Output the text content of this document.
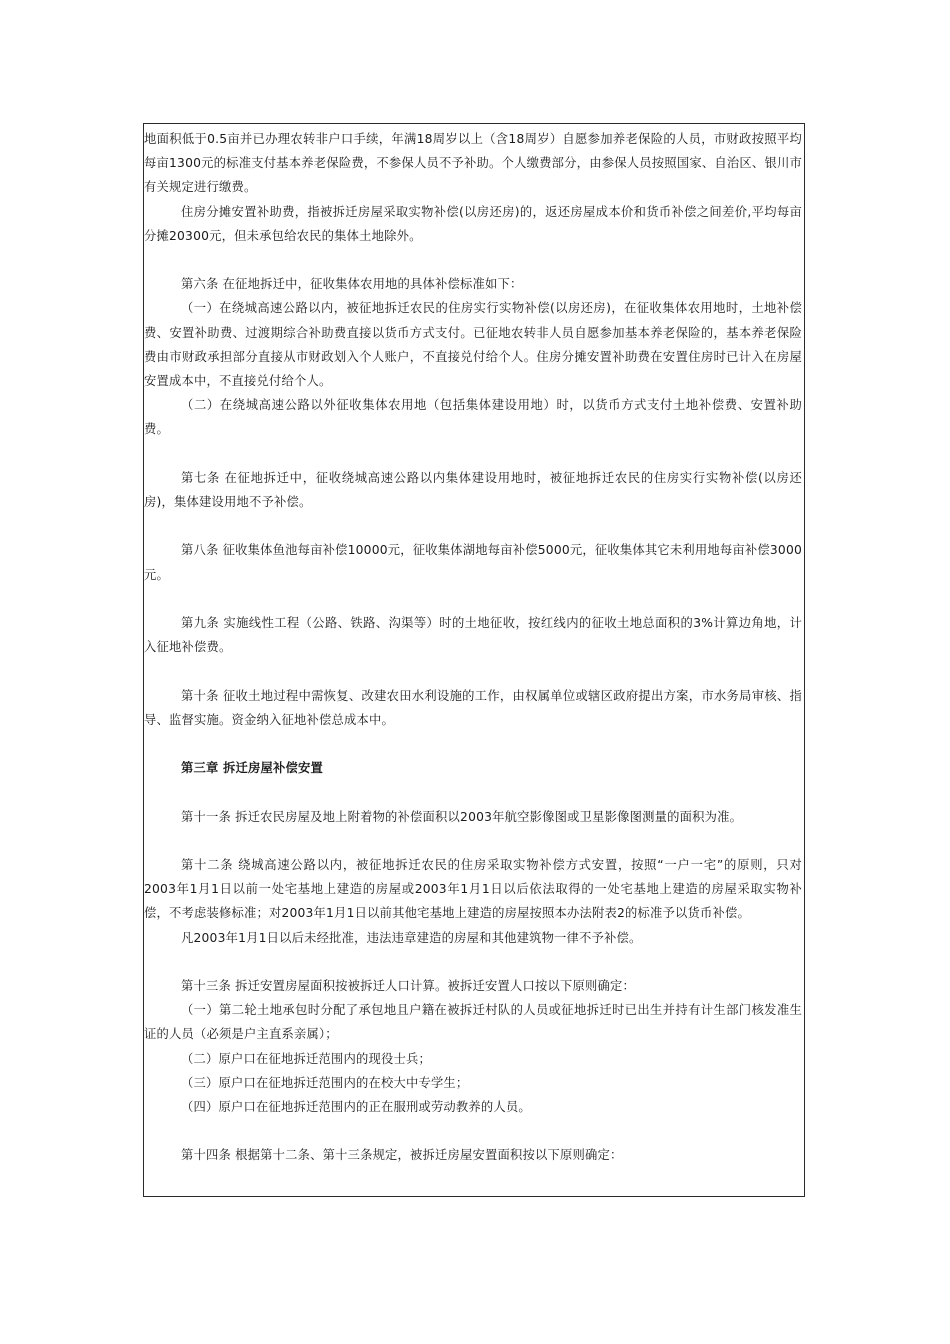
地面积低于0.5亩并已办理农转非户口手续，年满18周岁以上（含18周岁）自愿参加养老保险的人员，市财政按照平均每亩1300元的标准支付基本养老保险费，不参保人员不予补助。个人缴费部分，由参保人员按照国家、自治区、银川市有关规定进行缴费。

住房分摊安置补助费，指被拆迁房屋采取实物补偿(以房还房)的，返还房屋成本价和货币补偿之间差价,平均每亩分摊20300元，但未承包给农民的集体土地除外。

第六条 在征地拆迁中，征收集体农用地的具体补偿标准如下：

（一）在绕城高速公路以内，被征地拆迁农民的住房实行实物补偿(以房还房)，在征收集体农用地时，土地补偿费、安置补助费、过渡期综合补助费直接以货币方式支付。已征地农转非人员自愿参加基本养老保险的，基本养老保险费由市财政承担部分直接从市财政划入个人账户，不直接兑付给个人。住房分摊安置补助费在安置住房时已计入在房屋安置成本中，不直接兑付给个人。

（二）在绕城高速公路以外征收集体农用地（包括集体建设用地）时，以货币方式支付土地补偿费、安置补助费。

第七条 在征地拆迁中，征收绕城高速公路以内集体建设用地时，被征地拆迁农民的住房实行实物补偿(以房还房)，集体建设用地不予补偿。

第八条 征收集体鱼池每亩补偿10000元，征收集体湖地每亩补偿5000元，征收集体其它未利用地每亩补偿3000元。

第九条 实施线性工程（公路、铁路、沟渠等）时的土地征收，按红线内的征收土地总面积的3%计算边角地，计入征地补偿费。

第十条 征收土地过程中需恢复、改建农田水利设施的工作，由权属单位或辖区政府提出方案，市水务局审核、指导、监督实施。资金纳入征地补偿总成本中。

第三章 拆迁房屋补偿安置

第十一条 拆迁农民房屋及地上附着物的补偿面积以2003年航空影像图或卫星影像图测量的面积为准。

第十二条 绕城高速公路以内，被征地拆迁农民的住房采取实物补偿方式安置，按照“一户一宅”的原则，只对2003年1月1日以前一处宅基地上建造的房屋或2003年1月1日以后依法取得的一处宅基地上建造的房屋采取实物补偿，不考虑装修标准；对2003年1月1日以前其他宅基地上建造的房屋按照本办法附表2的标准予以货币补偿。

凡2003年1月1日以后未经批准，违法违章建造的房屋和其他建筑物一律不予补偿。

第十三条 拆迁安置房屋面积按被拆迁人口计算。被拆迁安置人口按以下原则确定：

（一）第二轮土地承包时分配了承包地且户籍在被拆迁村队的人员或征地拆迁时已出生并持有计生部门核发准生证的人员（必须是户主直系亲属）；

（二）原户口在征地拆迁范围内的现役士兵；

（三）原户口在征地拆迁范围内的在校大中专学生；

（四）原户口在征地拆迁范围内的正在服刑或劳动教养的人员。

第十四条 根据第十二条、第十三条规定，被拆迁房屋安置面积按以下原则确定：
